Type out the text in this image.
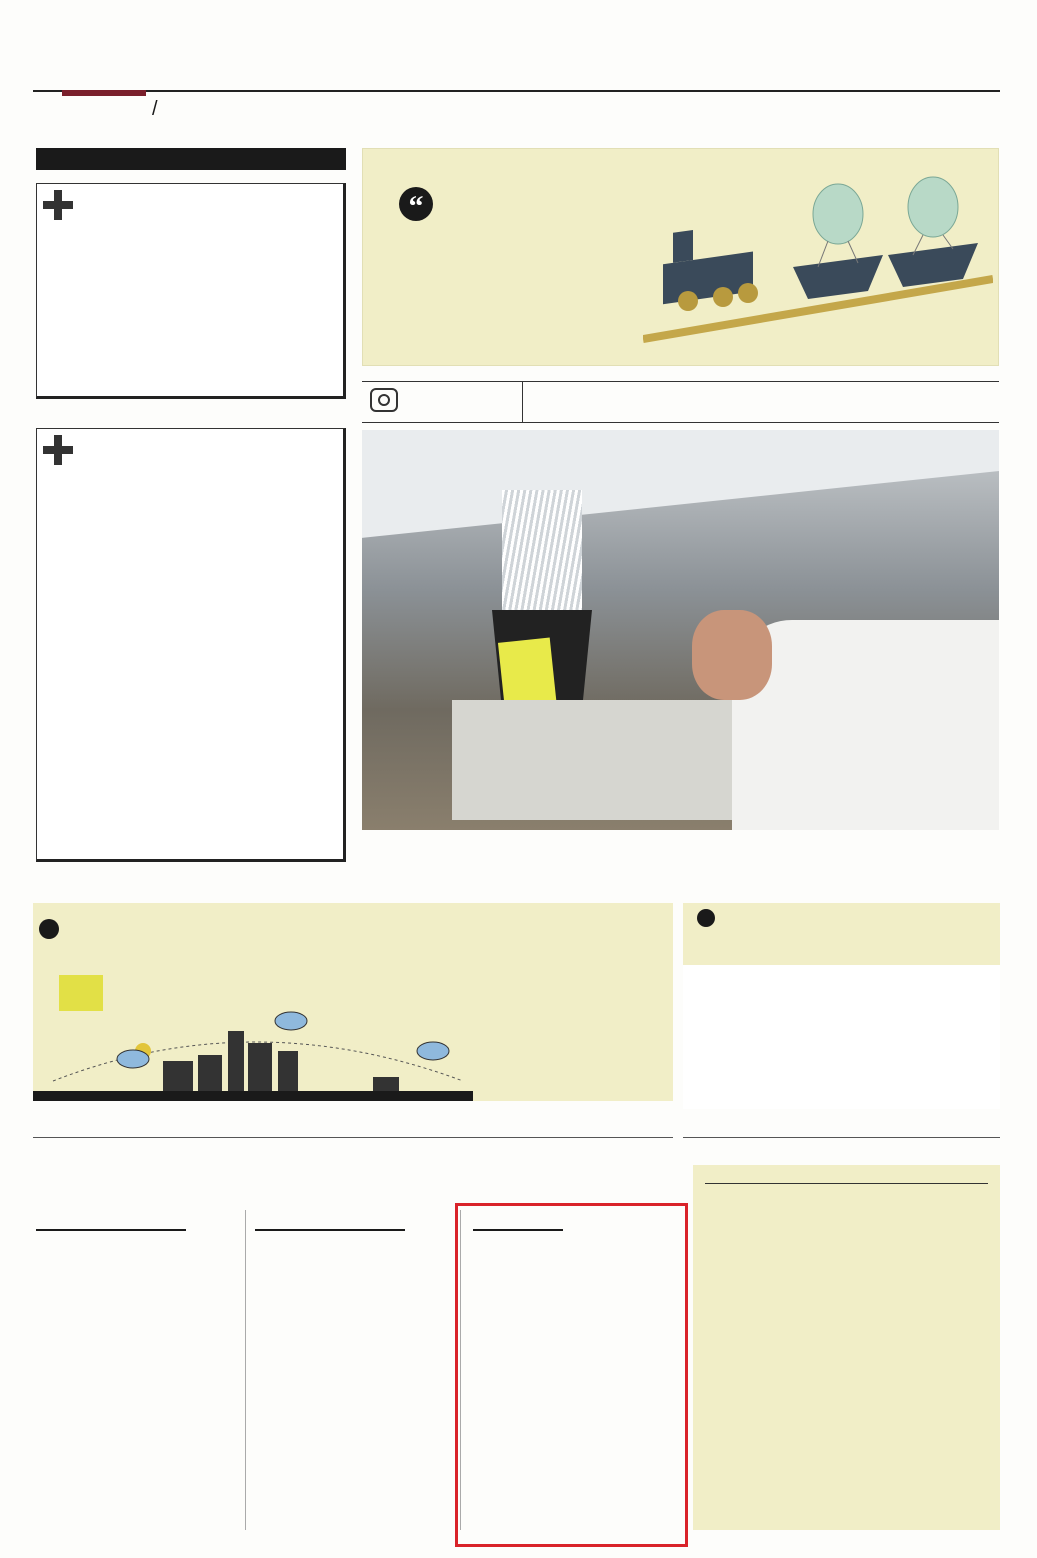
/
“
